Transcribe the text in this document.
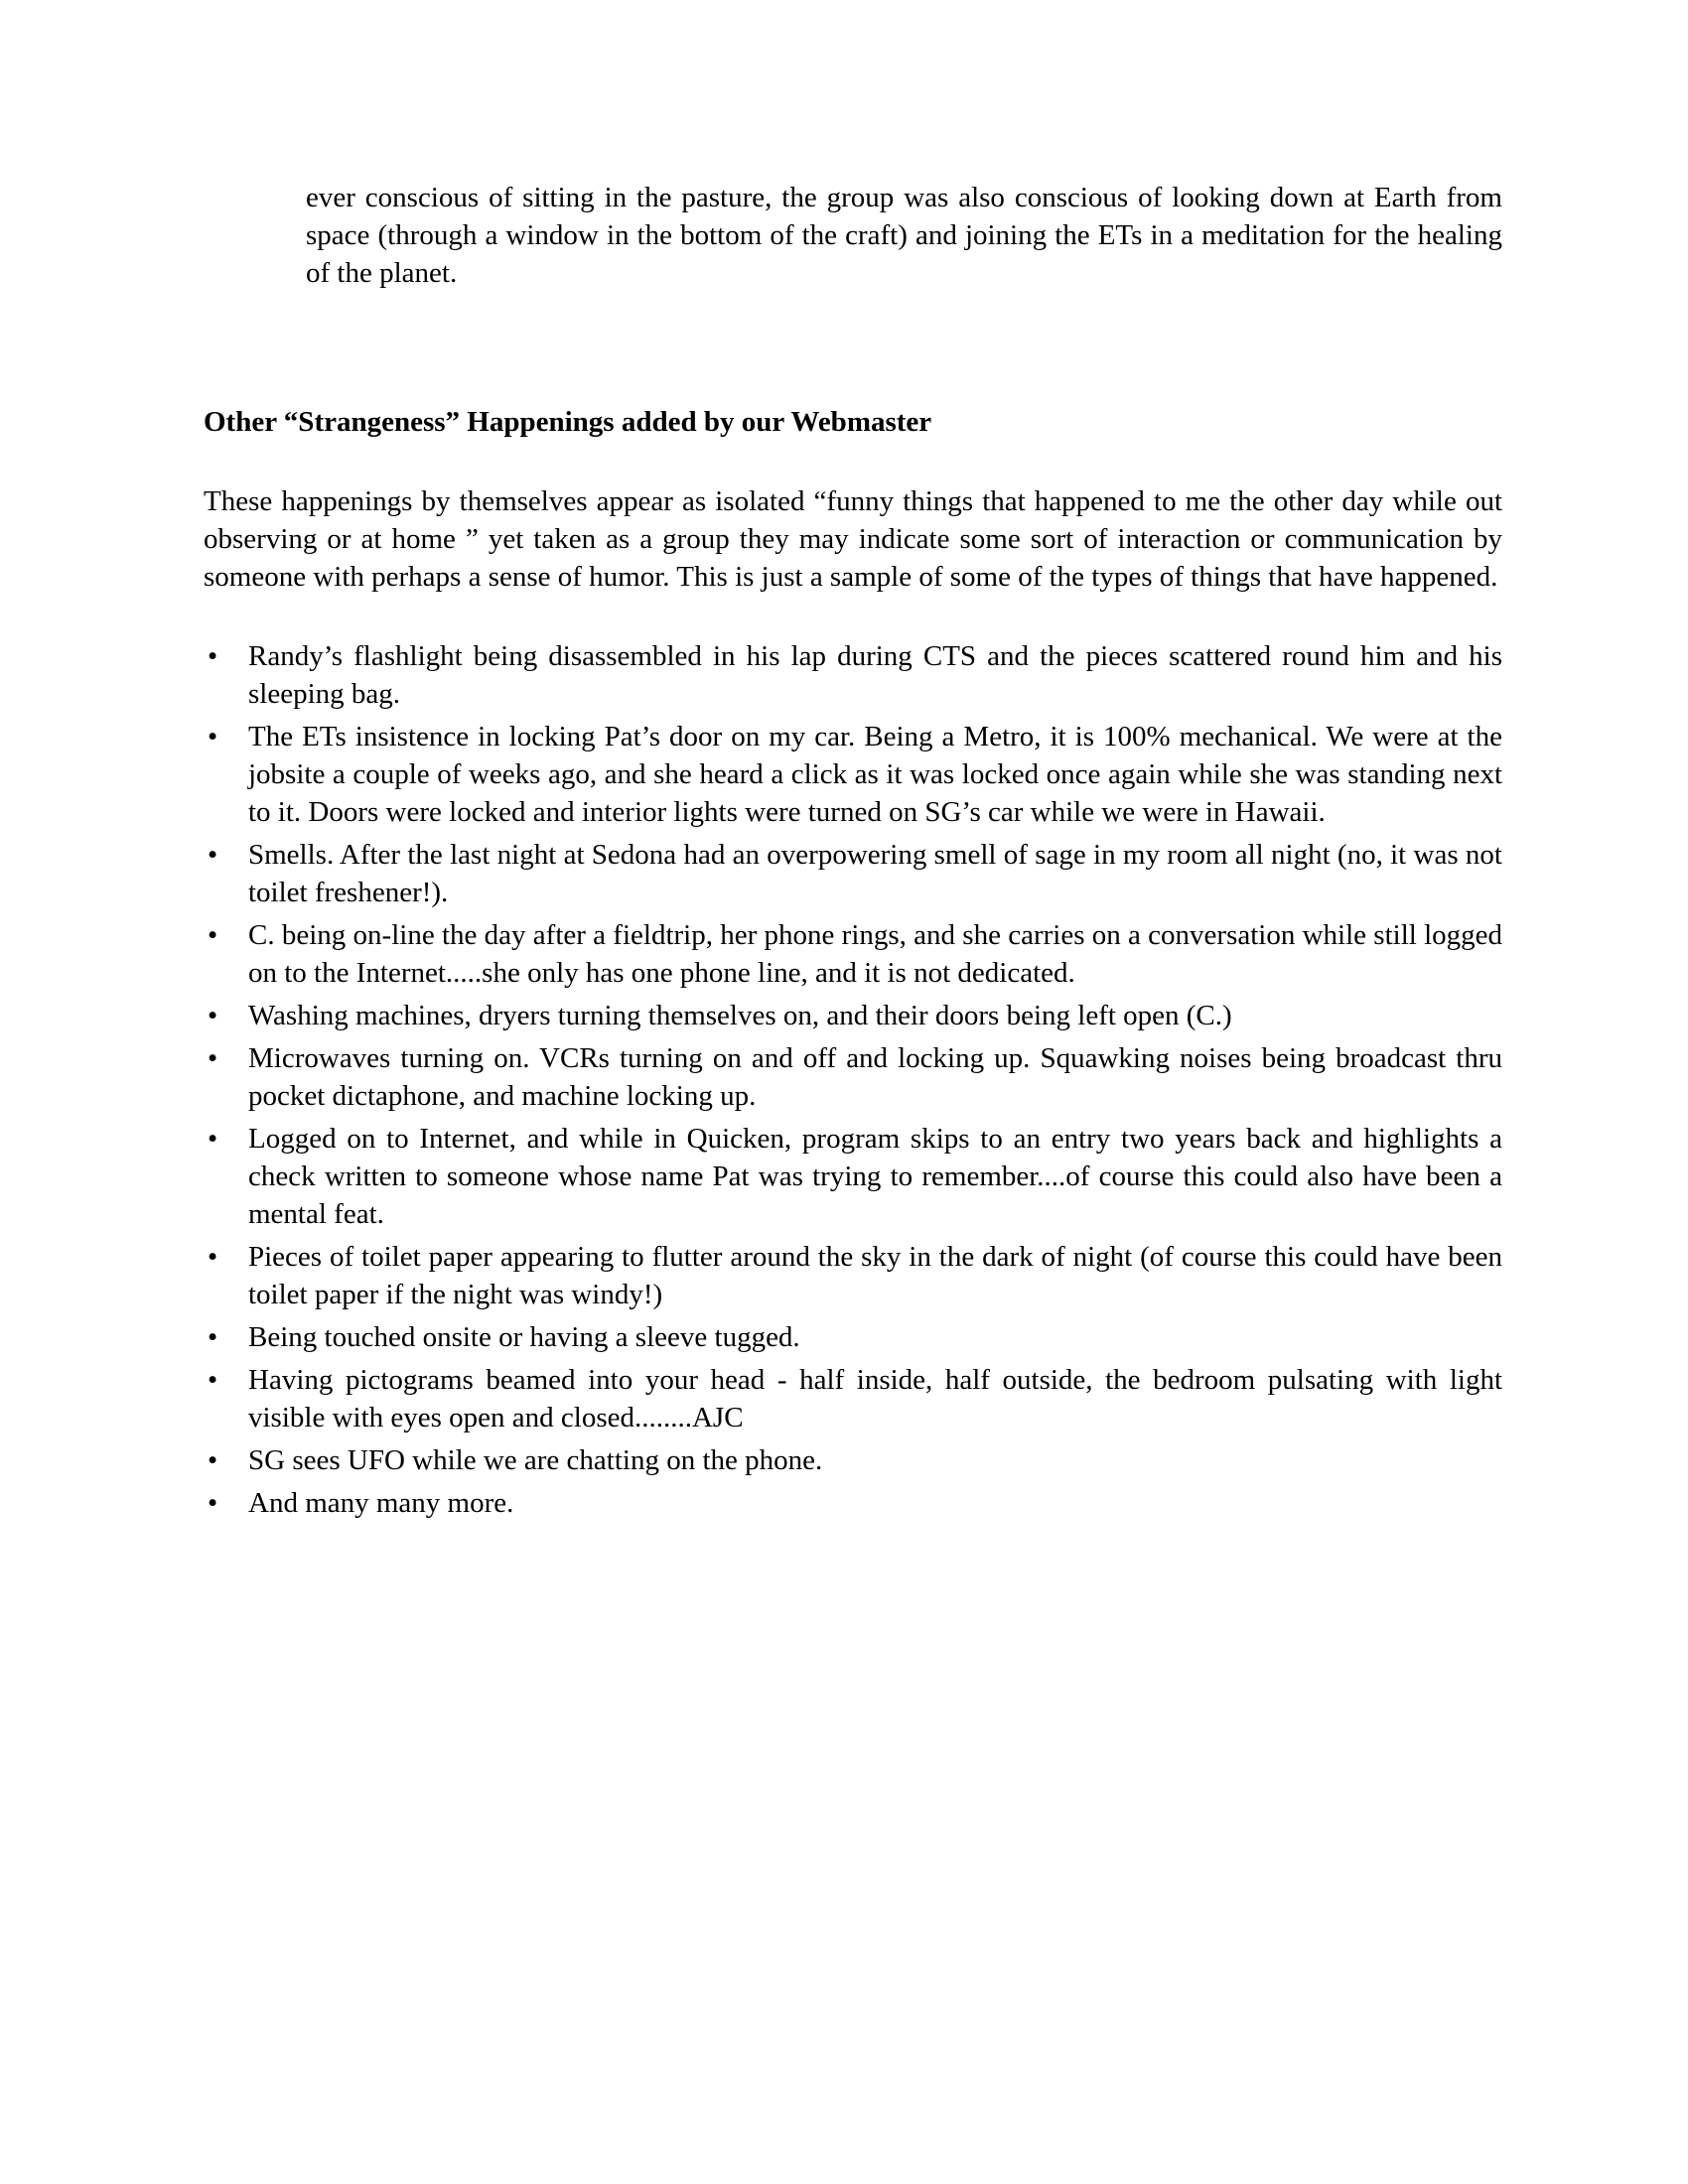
ever conscious of sitting in the pasture, the group was also conscious of looking down at Earth from space (through a window in the bottom of the craft) and joining the ETs in a meditation for the healing of the planet.

Other “Strangeness” Happenings added by our Webmaster

These happenings by themselves appear as isolated “funny things that happened to me the other day while out observing or at home ” yet taken as a group they may indicate some sort of interaction or communication by someone with perhaps a sense of humor. This is just a sample of some of the types of things that have happened.

• Randy’s flashlight being disassembled in his lap during CTS and the pieces scattered round him and his sleeping bag.
• The ETs insistence in locking Pat’s door on my car. Being a Metro, it is 100% mechanical. We were at the jobsite a couple of weeks ago, and she heard a click as it was locked once again while she was standing next to it. Doors were locked and interior lights were turned on SG’s car while we were in Hawaii.
• Smells. After the last night at Sedona had an overpowering smell of sage in my room all night (no, it was not toilet freshener!).
• C. being on-line the day after a fieldtrip, her phone rings, and she carries on a conversation while still logged on to the Internet.....she only has one phone line, and it is not dedicated.
• Washing machines, dryers turning themselves on, and their doors being left open (C.)
• Microwaves turning on. VCRs turning on and off and locking up. Squawking noises being broadcast thru pocket dictaphone, and machine locking up.
• Logged on to Internet, and while in Quicken, program skips to an entry two years back and highlights a check written to someone whose name Pat was trying to remember....of course this could also have been a mental feat.
• Pieces of toilet paper appearing to flutter around the sky in the dark of night (of course this could have been toilet paper if the night was windy!)
• Being touched onsite or having a sleeve tugged.
• Having pictograms beamed into your head - half inside, half outside, the bedroom pulsating with light visible with eyes open and closed........AJC
• SG sees UFO while we are chatting on the phone.
• And many many more.
